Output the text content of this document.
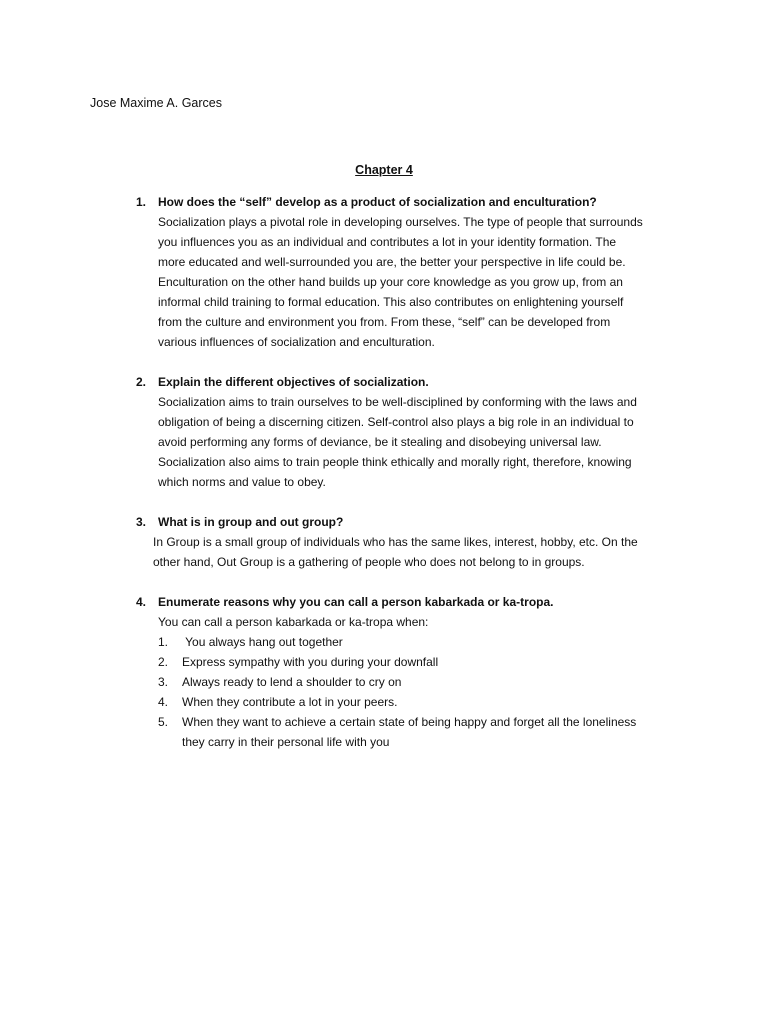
Jose Maxime A. Garces
Chapter 4
1. How does the “self” develop as a product of socialization and enculturation?
Socialization plays a pivotal role in developing ourselves. The type of people that surrounds
you influences you as an individual and contributes a lot in your identity formation. The
more educated and well-surrounded you are, the better your perspective in life could be.
Enculturation on the other hand builds up your core knowledge as you grow up, from an
informal child training to formal education. This also contributes on enlightening yourself
from the culture and environment you from. From these, “self” can be developed from
various influences of socialization and enculturation.
2. Explain the different objectives of socialization.
Socialization aims to train ourselves to be well-disciplined by conforming with the laws and
obligation of being a discerning citizen. Self-control also plays a big role in an individual to
avoid performing any forms of deviance, be it stealing and disobeying universal law.
Socialization also aims to train people think ethically and morally right, therefore, knowing
which norms and value to obey.
3. What is in group and out group?
In Group is a small group of individuals who has the same likes, interest, hobby, etc. On the
other hand, Out Group is a gathering of people who does not belong to in groups.
4. Enumerate reasons why you can call a person kabarkada or ka-tropa.
You can call a person kabarkada or ka-tropa when:
1.	You always hang out together
2.	Express sympathy with you during your downfall
3.	Always ready to lend a shoulder to cry on
4.	When they contribute a lot in your peers.
5.	When they want to achieve a certain state of being happy and forget all the loneliness
they carry in their personal life with you
